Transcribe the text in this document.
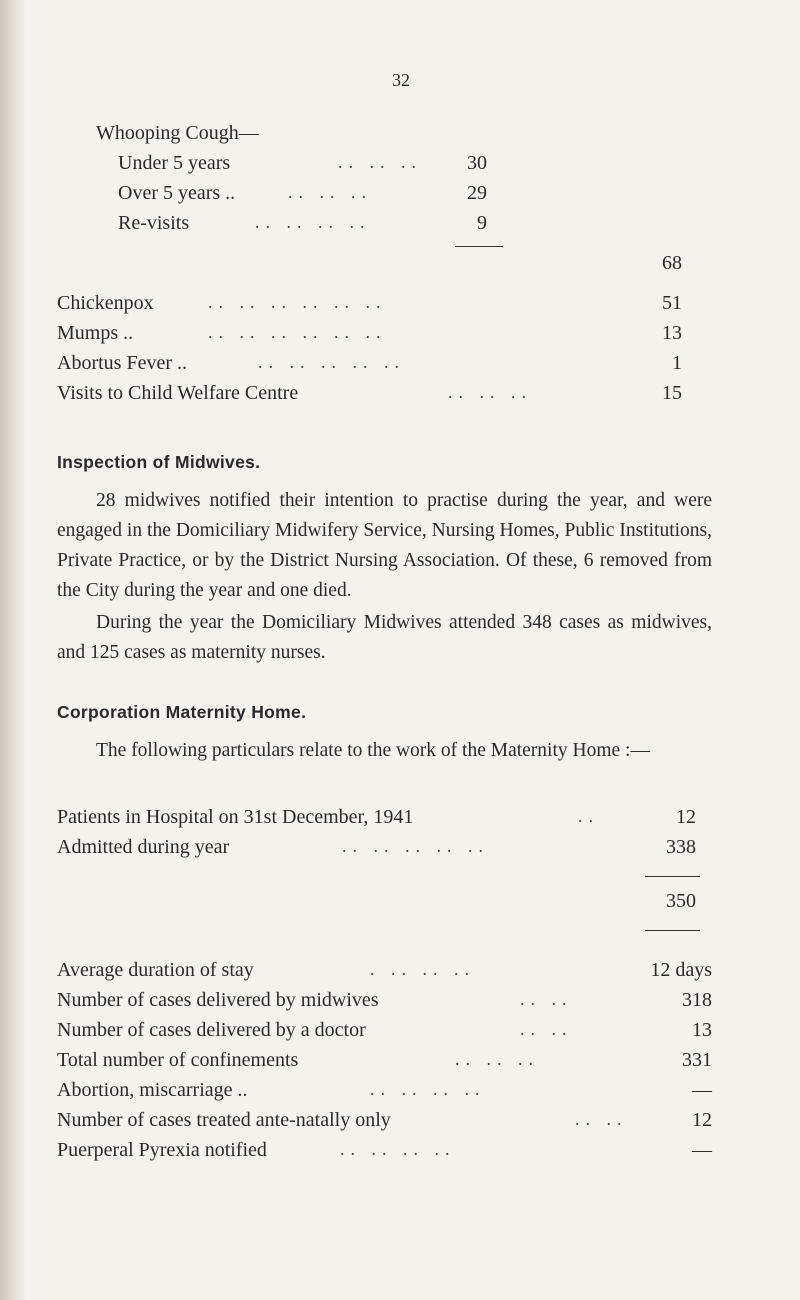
32
Whooping Cough—
Under 5 years	.. .. ..	30
Over 5 years ..	.. .. ..	29
Re-visits	.. .. .. ..	9
68
Chickenpox	.. .. .. .. .. ..	51
Mumps ..	.. .. .. .. .. ..	13
Abortus Fever ..	.. .. .. .. ..	1
Visits to Child Welfare Centre	.. .. ..	15
Inspection of Midwives.
28 midwives notified their intention to practise during the year, and were engaged in the Domiciliary Midwifery Service, Nursing Homes, Public Institutions, Private Practice, or by the District Nursing Association. Of these, 6 removed from the City during the year and one died.
During the year the Domiciliary Midwives attended 348 cases as midwives, and 125 cases as maternity nurses.
Corporation Maternity Home.
The following particulars relate to the work of the Maternity Home :—
Patients in Hospital on 31st December, 1941	..	12
Admitted during year	.. .. .. .. ..	338
350
Average duration of stay	. .. .. ..	12 days
Number of cases delivered by midwives	.. ..	318
Number of cases delivered by a doctor	.. ..	13
Total number of confinements	.. .. ..	331
Abortion, miscarriage ..	.. .. .. ..	—
Number of cases treated ante-natally only	.. ..	12
Puerperal Pyrexia notified	.. .. .. ..	—
